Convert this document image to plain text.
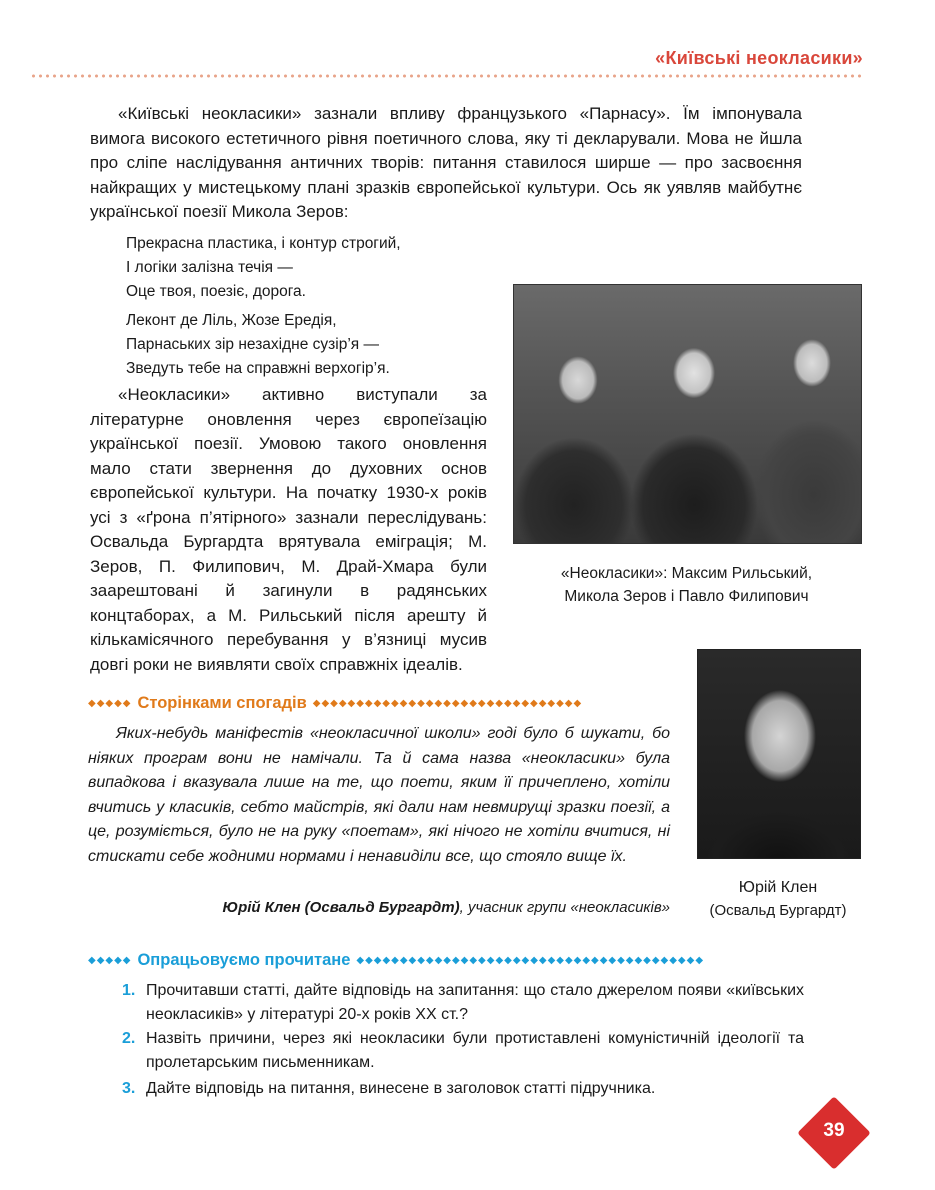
«Київські неокласики»

«Київські неокласики» зазнали впливу французького «Парнасу». Їм імпонувала вимога високого естетичного рівня поетичного слова, яку ті декларували. Мова не йшла про сліпе наслідування античних творів: питання ставилося ширше — про засвоєння найкращих у мистецькому плані зразків європейської культури. Ось як уявляв майбутнє української поезії Микола Зеров:

Прекрасна пластика, і контур строгий,
І логіки залізна течія —
Оце твоя, поезіє, дорога.
Леконт де Ліль, Жозе Ередія,
Парнаських зір незахідне сузір’я —
Зведуть тебе на справжні верхогір’я.

«Неокласики» активно виступали за літературне оновлення через європеїзацію української поезії. Умовою такого оновлення мало стати звернення до духовних основ європейської культури. На початку 1930-х років усі з «ґрона п’ятірного» зазнали переслідувань: Освальда Бургардта врятувала еміграція; М. Зеров, П. Филипович, М. Драй-Хмара були заарештовані й загинули в радянських концтаборах, а М. Рильський після арешту й кількамісячного перебування у в’язниці мусив довгі роки не виявляти своїх справжніх ідеалів.

«Неокласики»: Максим Рильський,
Микола Зеров і Павло Филипович
Юрій Клен
(Освальд Бургардт)
◆◆◆◆◆ Сторінками спогадів ◆◆◆◆◆◆◆◆◆◆◆◆◆◆◆◆◆◆◆◆◆◆◆◆◆◆◆◆◆◆◆

Яких-небудь маніфестів «неокласичної школи» годі було б шукати, бо ніяких програм вони не намічали. Та й сама назва «неокласики» була випадкова і вказувала лише на те, що поети, яким її причеплено, хотіли вчитись у класиків, себто майстрів, які дали нам невмирущі зразки поезії, а це, розуміється, було не на руку «поетам», які нічого не хотіли вчитися, ні стискати себе жодними нормами і ненавиділи все, що стояло вище їх.

Юрій Клен (Освальд Бургардт), учасник групи «неокласиків»
◆◆◆◆◆ Опрацьовуємо прочитане ◆◆◆◆◆◆◆◆◆◆◆◆◆◆◆◆◆◆◆◆◆◆◆◆◆◆◆◆◆◆◆◆◆◆◆◆◆◆◆◆
1. Прочитавши статті, дайте відповідь на запитання: що стало джерелом появи «київських неокласиків» у літературі 20-х років ХХ ст.?
2. Назвіть причини, через які неокласики були протиставлені комуністичній ідеології та пролетарським письменникам.
3. Дайте відповідь на питання, винесене в заголовок статті підручника.
39
